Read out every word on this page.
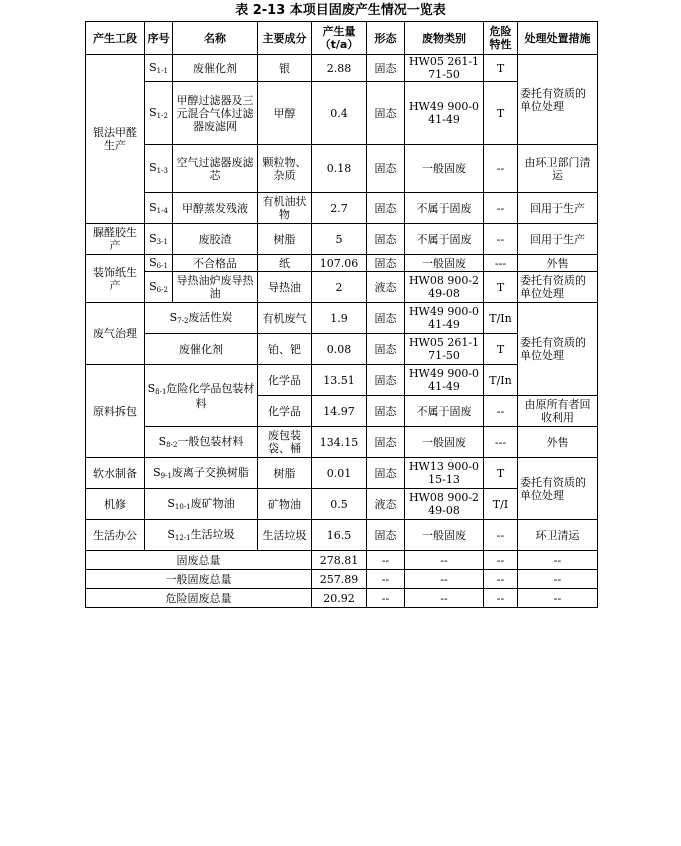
表 2-13 本项目固废产生情况一览表
产生工段	序号	名称	主要成分	产生量（t/a）	形态	废物类别	危险特性	处理处置措施
银法甲醛生产	$S_{1-1}$	废催化剂	银	2.88	固态	HW05 261-171-50	T	委托有资质的单位处理
	$S_{1-2}$	甲醇过滤器及三元混合气体过滤器废滤网	甲醇	0.4	固态	HW49 900-041-49	T	
	$S_{1-3}$	空气过滤器废滤芯	颗粒物、杂质	0.18	固态	一般固废	--	由环卫部门清运
	$S_{1-4}$	甲醇蒸发残液	有机油状物	2.7	固态	不属于固废	--	回用于生产
脲醛胶生产	$S_{3-1}$	废胶渣	树脂	5	固态	不属于固废	--	回用于生产
装饰纸生产	$S_{6-1}$	不合格品	纸	107.06	固态	一般固废	---	外售
	$S_{6-2}$	导热油炉废导热油	导热油	2	液态	HW08 900-249-08	T	委托有资质的单位处理
废气治理	$S_{7-2}$废活性炭		有机废气	1.9	固态	HW49 900-041-49	T/In	委托有资质的单位处理
	废催化剂		铂、钯	0.08	固态	HW05 261-171-50	T	
原料拆包	$S_{8-1}$危险化学品包装材料		化学品	13.51	固态	HW49 900-041-49	T/In	
			化学品	14.97	固态	不属于固废	--	由原所有者回收利用
	$S_{8-2}$一般包装材料		废包装袋、桶	134.15	固态	一般固废	---	外售
软水制备	$S_{9-1}$废离子交换树脂		树脂	0.01	固态	HW13 900-015-13	T	委托有资质的单位处理
机修	$S_{10-1}$废矿物油		矿物油	0.5	液态	HW08 900-249-08	T/I	
生活办公	$S_{12-1}$生活垃圾		生活垃圾	16.5	固态	一般固废	--	环卫清运
固废总量				278.81	--	--	--	--
一般固废总量				257.89	--	--	--	--
危险固废总量				20.92	--	--	--	--
